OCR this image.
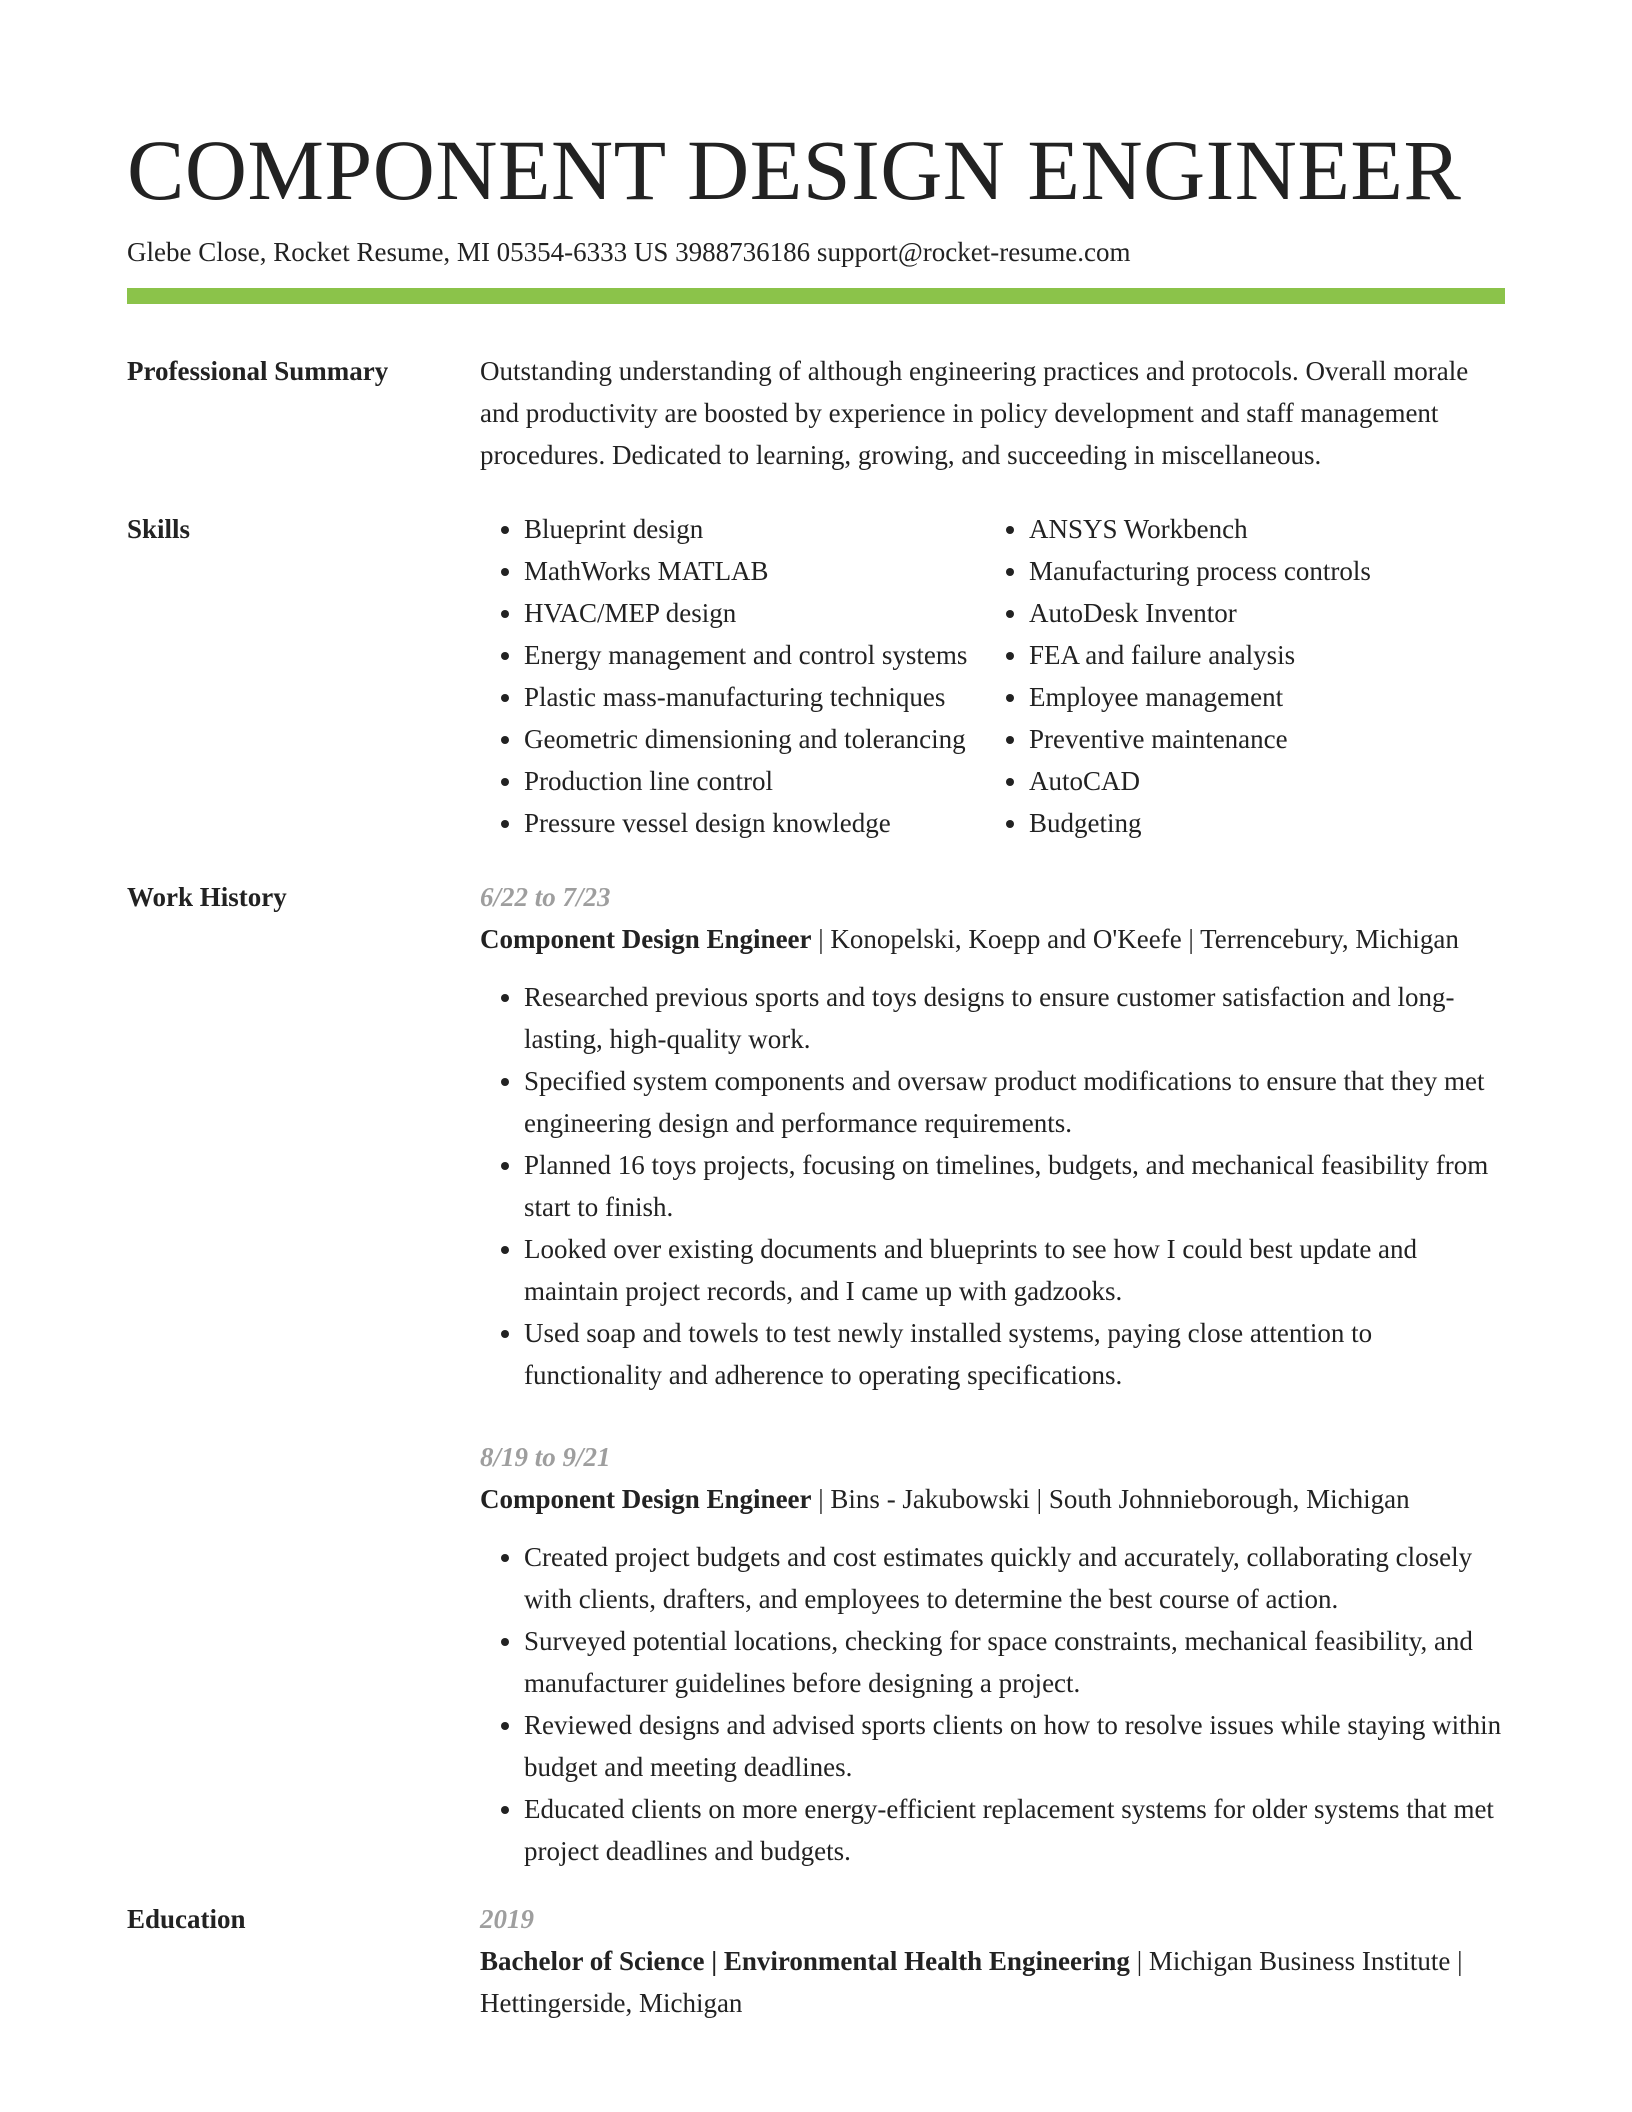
COMPONENT DESIGN ENGINEER
Glebe Close, Rocket Resume, MI 05354-6333 US 3988736186 support@rocket-resume.com
Professional Summary	Outstanding understanding of although engineering practices and protocols. Overall morale and productivity are boosted by experience in policy development and staff management procedures. Dedicated to learning, growing, and succeeding in miscellaneous.

Skills
•	Blueprint design
• MathWorks MATLAB
• HVAC/MEP design
• Energy management and control systems
• Plastic mass-manufacturing techniques
• Geometric dimensioning and tolerancing
• Production line control
• Pressure vessel design knowledge
• ANSYS Workbench
• Manufacturing process controls
• AutoDesk Inventor
• FEA and failure analysis
• Employee management
• Preventive maintenance
• AutoCAD
• Budgeting
Work History	6/22 to 7/23
Component Design Engineer | Konopelski, Koepp and O'Keefe | Terrencebury, Michigan
• Researched previous sports and toys designs to ensure customer satisfaction and long-lasting, high-quality work.
• Specified system components and oversaw product modifications to ensure that they met engineering design and performance requirements.
• Planned 16 toys projects, focusing on timelines, budgets, and mechanical feasibility from start to finish.
• Looked over existing documents and blueprints to see how I could best update and maintain project records, and I came up with gadzooks.
• Used soap and towels to test newly installed systems, paying close attention to functionality and adherence to operating specifications.
8/19 to 9/21
Component Design Engineer | Bins - Jakubowski | South Johnnieborough, Michigan
• Created project budgets and cost estimates quickly and accurately, collaborating closely with clients, drafters, and employees to determine the best course of action.
• Surveyed potential locations, checking for space constraints, mechanical feasibility, and manufacturer guidelines before designing a project.
• Reviewed designs and advised sports clients on how to resolve issues while staying within budget and meeting deadlines.
• Educated clients on more energy-efficient replacement systems for older systems that met project deadlines and budgets.
Education	2019
Bachelor of Science | Environmental Health Engineering | Michigan Business Institute | Hettingerside, Michigan
